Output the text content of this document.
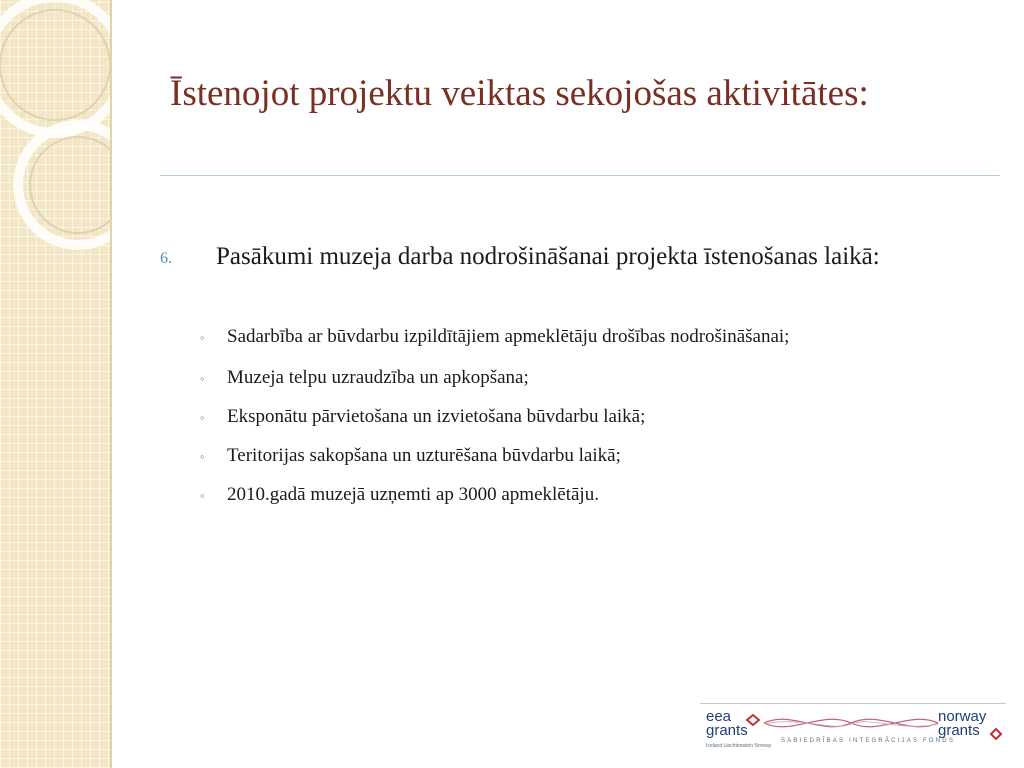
Īstenojot projektu veiktas sekojošas aktivitātes:
6. Pasākumi muzeja darba nodrošināšanai projekta īstenošanas laikā:
◦ Sadarbība ar būvdarbu izpildītājiem apmeklētāju drošības nodrošināšanai;
◦ Muzeja telpu uzraudzība un apkopšana;
◦ Eksponātu pārvietošana un izvietošana būvdarbu laikā;
◦ Teritorijas sakopšana un uzturēšana būvdarbu laikā;
◦ 2010.gadā muzejā uzņemti ap 3000 apmeklētāju.
eea
grants
Iceland Liechtenstein Norway
SABIEDRĪBAS INTEGRĀCIJAS FONDS
norway
grants
